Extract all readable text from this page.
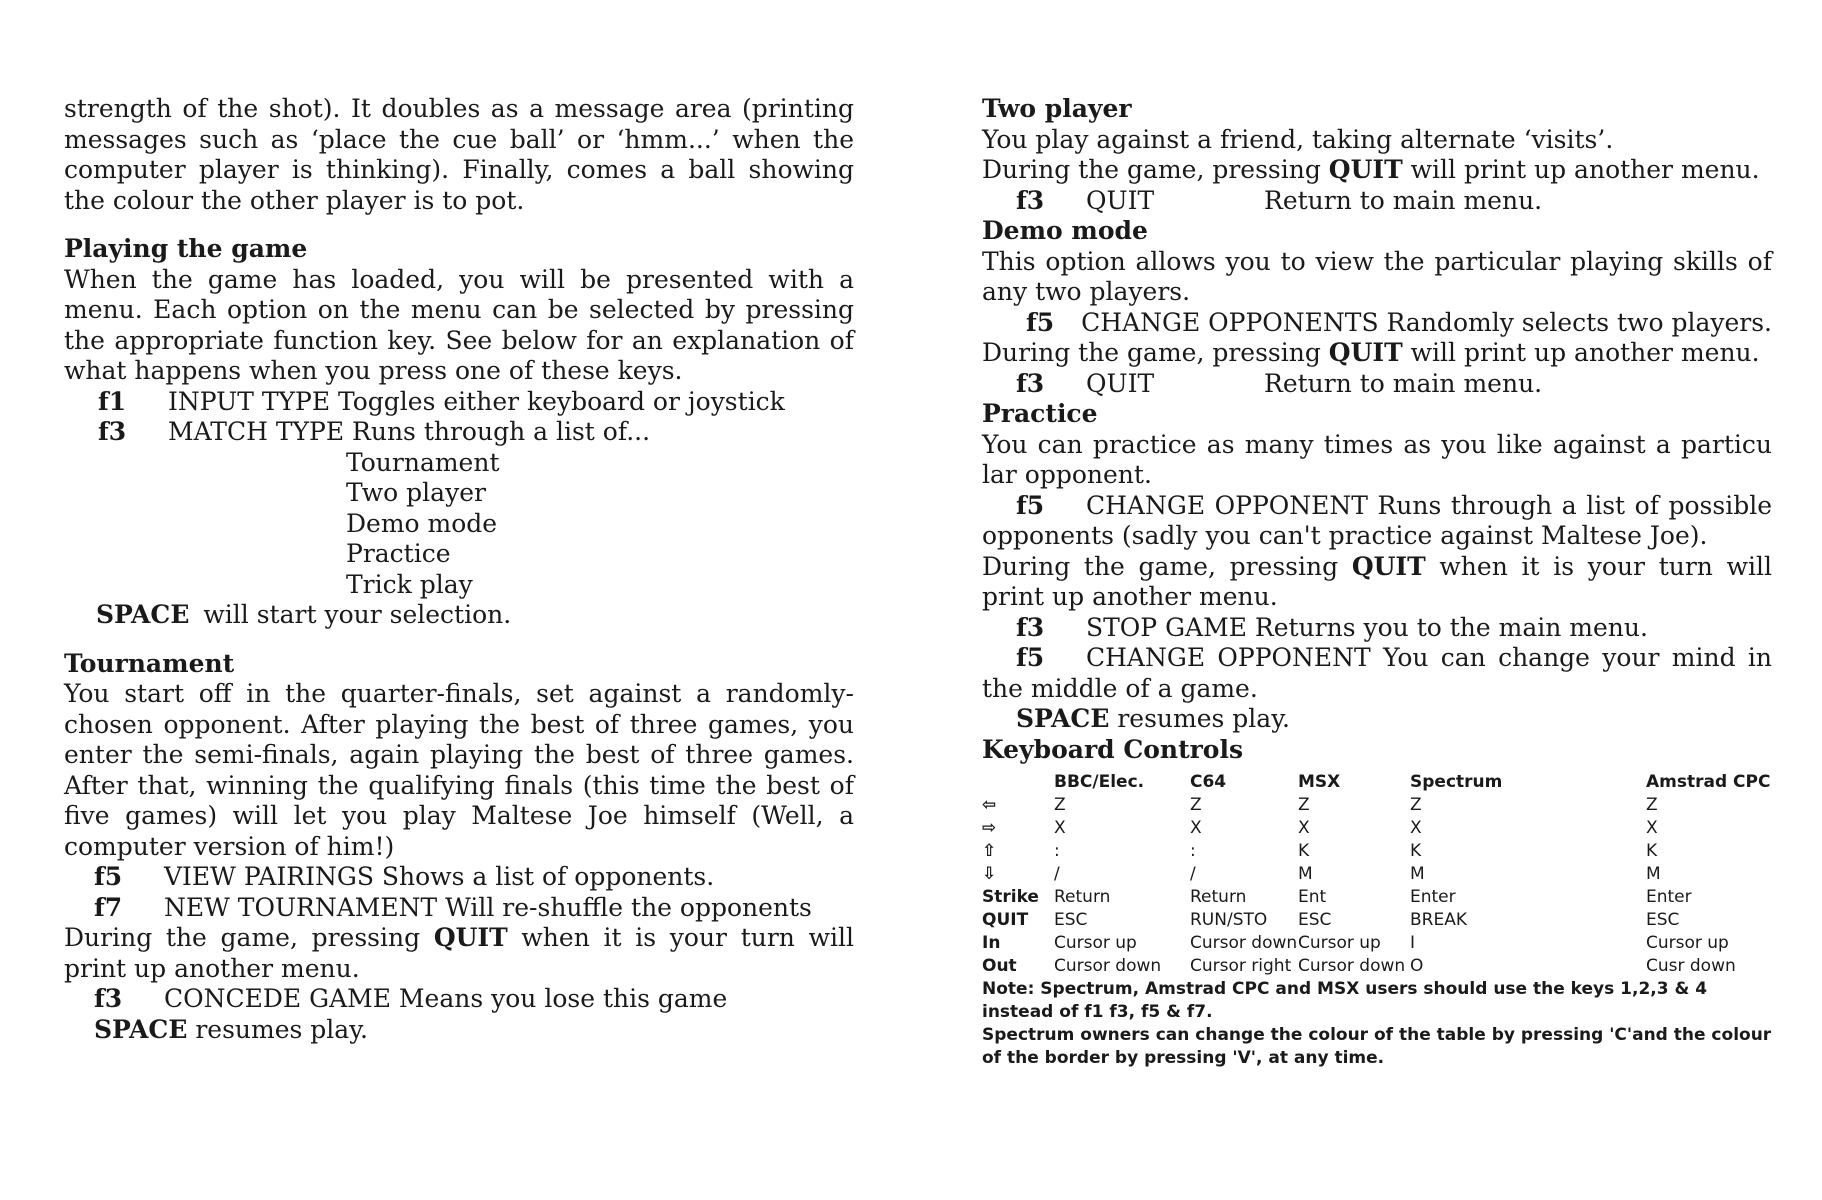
strength of the shot). It doubles as a message area (printing messages such as ‘place the cue ball’ or ‘hmm...’ when the computer player is thinking). Finally, comes a ball showing the colour the other player is to pot.

Playing the game

When the game has loaded, you will be presented with a menu. Each option on the menu can be selected by pressing the appropriate function key. See below for an explanation of what happens when you press one of these keys.

f1	INPUT TYPE Toggles either keyboard or joystick
f3	MATCH TYPE Runs through a list of...
Tournament
Two player
Demo mode
Practice
Trick play
SPACE will start your selection.

Tournament

You start off in the quarter-finals, set against a randomly-chosen opponent. After playing the best of three games, you enter the semi-finals, again playing the best of three games. After that, winning the qualifying finals (this time the best of five games) will let you play Maltese Joe himself (Well, a computer version of him!)

f5	VIEW PAIRINGS Shows a list of opponents.
f7	NEW TOURNAMENT Will re-shuffle the opponents

During the game, pressing QUIT when it is your turn will print up another menu.

f3	CONCEDE GAME Means you lose this game
SPACE resumes play.

Two player

You play against a friend, taking alternate ‘visits’.

During the game, pressing QUIT will print up another menu.

f3	QUIT	Return to main menu.

Demo mode

This option allows you to view the particular playing skills of any two players.

f5	CHANGE OPPONENTS Randomly selects two players.

During the game, pressing QUIT will print up another menu.

f3	QUIT	Return to main menu.

Practice

You can practice as many times as you like against a particu lar opponent.

f5 CHANGE OPPONENT Runs through a list of possible opponents (sadly you can't practice against Maltese Joe).

During the game, pressing QUIT when it is your turn will print up another menu.

f3	STOP GAME Returns you to the main menu.

f5 CHANGE OPPONENT You can change your mind in the middle of a game.

SPACE resumes play.

Keyboard Controls

	BBC/Elec.	C64	MSX	Spectrum	Amstrad CPC
⇦	Z	Z	Z	Z	Z
⇨	X	X	X	X	X
⇧	:	:	K	K	K
⇩	/	/	M	M	M
Strike	Return	Return	Ent	Enter	Enter
QUIT	ESC	RUN/STO	ESC	BREAK	ESC
In	Cursor up	Cursor down	Cursor up	I	Cursor up
Out	Cursor down	Cursor right	Cursor down	O	Cusr down

Note: Spectrum, Amstrad CPC and MSX users should use the keys 1,2,3 & 4 instead of f1 f3, f5 & f7.

Spectrum owners can change the colour of the table by pressing 'C'and the colour of the border by pressing 'V', at any time.
